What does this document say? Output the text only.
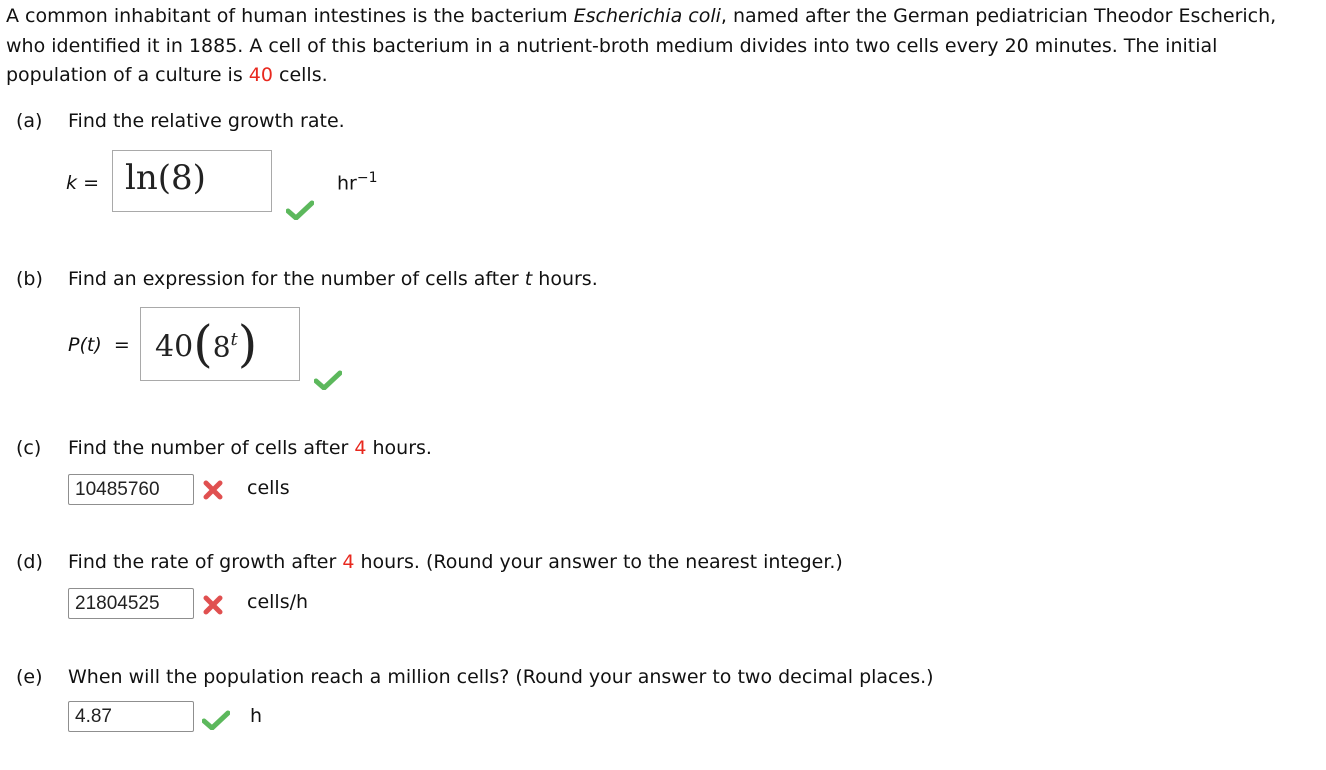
A common inhabitant of human intestines is the bacterium Escherichia coli, named after the German pediatrician Theodor Escherich, who identified it in 1885. A cell of this bacterium in a nutrient-broth medium divides into two cells every 20 minutes. The initial population of a culture is 40 cells.
(a) Find the relative growth rate.
k = ln(8)	$hr^{-1}$
(b) Find an expression for the number of cells after t hours.
$P(t) = 40(8^t)$
(c) Find the number of cells after 4 hours.
10485760	cells
(d) Find the rate of growth after 4 hours. (Round your answer to the nearest integer.)
21804525	cells/h
(e) When will the population reach a million cells? (Round your answer to two decimal places.)
4.87	h
